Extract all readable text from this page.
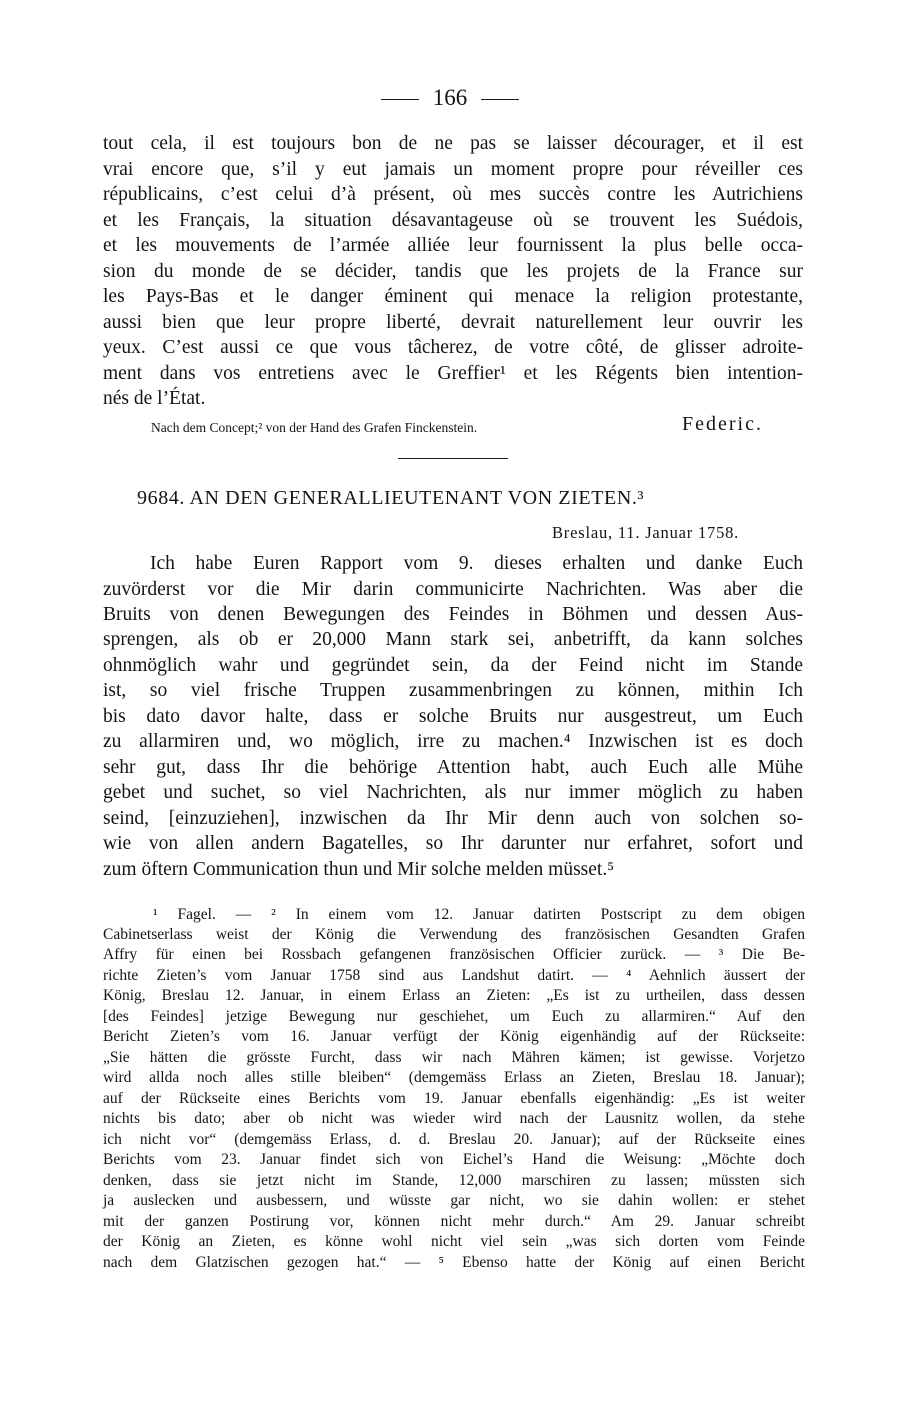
166
tout cela, il est toujours bon de ne pas se laisser décourager, et il est
vrai encore que, s’il y eut jamais un moment propre pour réveiller ces
républicains, c’est celui d’à présent, où mes succès contre les Autrichiens
et les Français, la situation désavantageuse où se trouvent les Suédois,
et les mouvements de l’armée alliée leur fournissent la plus belle occa-
sion du monde de se décider, tandis que les projets de la France sur
les Pays-Bas et le danger éminent qui menace la religion protestante,
aussi bien que leur propre liberté, devrait naturellement leur ouvrir les
yeux. C’est aussi ce que vous tâcherez, de votre côté, de glisser adroite-
ment dans vos entretiens avec le Greffier¹ et les Régents bien intention-
nés de l’État.
Nach dem Concept;² von der Hand des Grafen Finckenstein.	Federic.
9684. AN DEN GENERALLIEUTENANT VON ZIETEN.³
Breslau, 11. Januar 1758.
Ich habe Euren Rapport vom 9. dieses erhalten und danke Euch
zuvörderst vor die Mir darin communicirte Nachrichten. Was aber die
Bruits von denen Bewegungen des Feindes in Böhmen und dessen Aus-
sprengen, als ob er 20,000 Mann stark sei, anbetrifft, da kann solches
ohnmöglich wahr und gegründet sein, da der Feind nicht im Stande
ist, so viel frische Truppen zusammenbringen zu können, mithin Ich
bis dato davor halte, dass er solche Bruits nur ausgestreut, um Euch
zu allarmiren und, wo möglich, irre zu machen.⁴ Inzwischen ist es doch
sehr gut, dass Ihr die behörige Attention habt, auch Euch alle Mühe
gebet und suchet, so viel Nachrichten, als nur immer möglich zu haben
seind, [einzuziehen], inzwischen da Ihr Mir denn auch von solchen so-
wie von allen andern Bagatelles, so Ihr darunter nur erfahret, sofort und
zum öftern Communication thun und Mir solche melden müsset.⁵
¹ Fagel. — ² In einem vom 12. Januar datirten Postscript zu dem obigen
Cabinetserlass weist der König die Verwendung des französischen Gesandten Grafen
Affry für einen bei Rossbach gefangenen französischen Officier zurück. — ³ Die Be-
richte Zieten’s vom Januar 1758 sind aus Landshut datirt. — ⁴ Aehnlich äussert der
König, Breslau 12. Januar, in einem Erlass an Zieten: „Es ist zu urtheilen, dass dessen
[des Feindes] jetzige Bewegung nur geschiehet, um Euch zu allarmiren.“ Auf den
Bericht Zieten’s vom 16. Januar verfügt der König eigenhändig auf der Rückseite:
„Sie hätten die grösste Furcht, dass wir nach Mähren kämen; ist gewisse. Vorjetzo
wird allda noch alles stille bleiben“ (demgemäss Erlass an Zieten, Breslau 18. Januar);
auf der Rückseite eines Berichts vom 19. Januar ebenfalls eigenhändig: „Es ist weiter
nichts bis dato; aber ob nicht was wieder wird nach der Lausnitz wollen, da stehe
ich nicht vor“ (demgemäss Erlass, d. d. Breslau 20. Januar); auf der Rückseite eines
Berichts vom 23. Januar findet sich von Eichel’s Hand die Weisung: „Möchte doch
denken, dass sie jetzt nicht im Stande, 12,000 marschiren zu lassen; müssten sich
ja auslecken und ausbessern, und wüsste gar nicht, wo sie dahin wollen: er stehet
mit der ganzen Postirung vor, können nicht mehr durch.“ Am 29. Januar schreibt
der König an Zieten, es könne wohl nicht viel sein „was sich dorten vom Feinde
nach dem Glatzischen gezogen hat.“ — ⁵ Ebenso hatte der König auf einen Bericht
